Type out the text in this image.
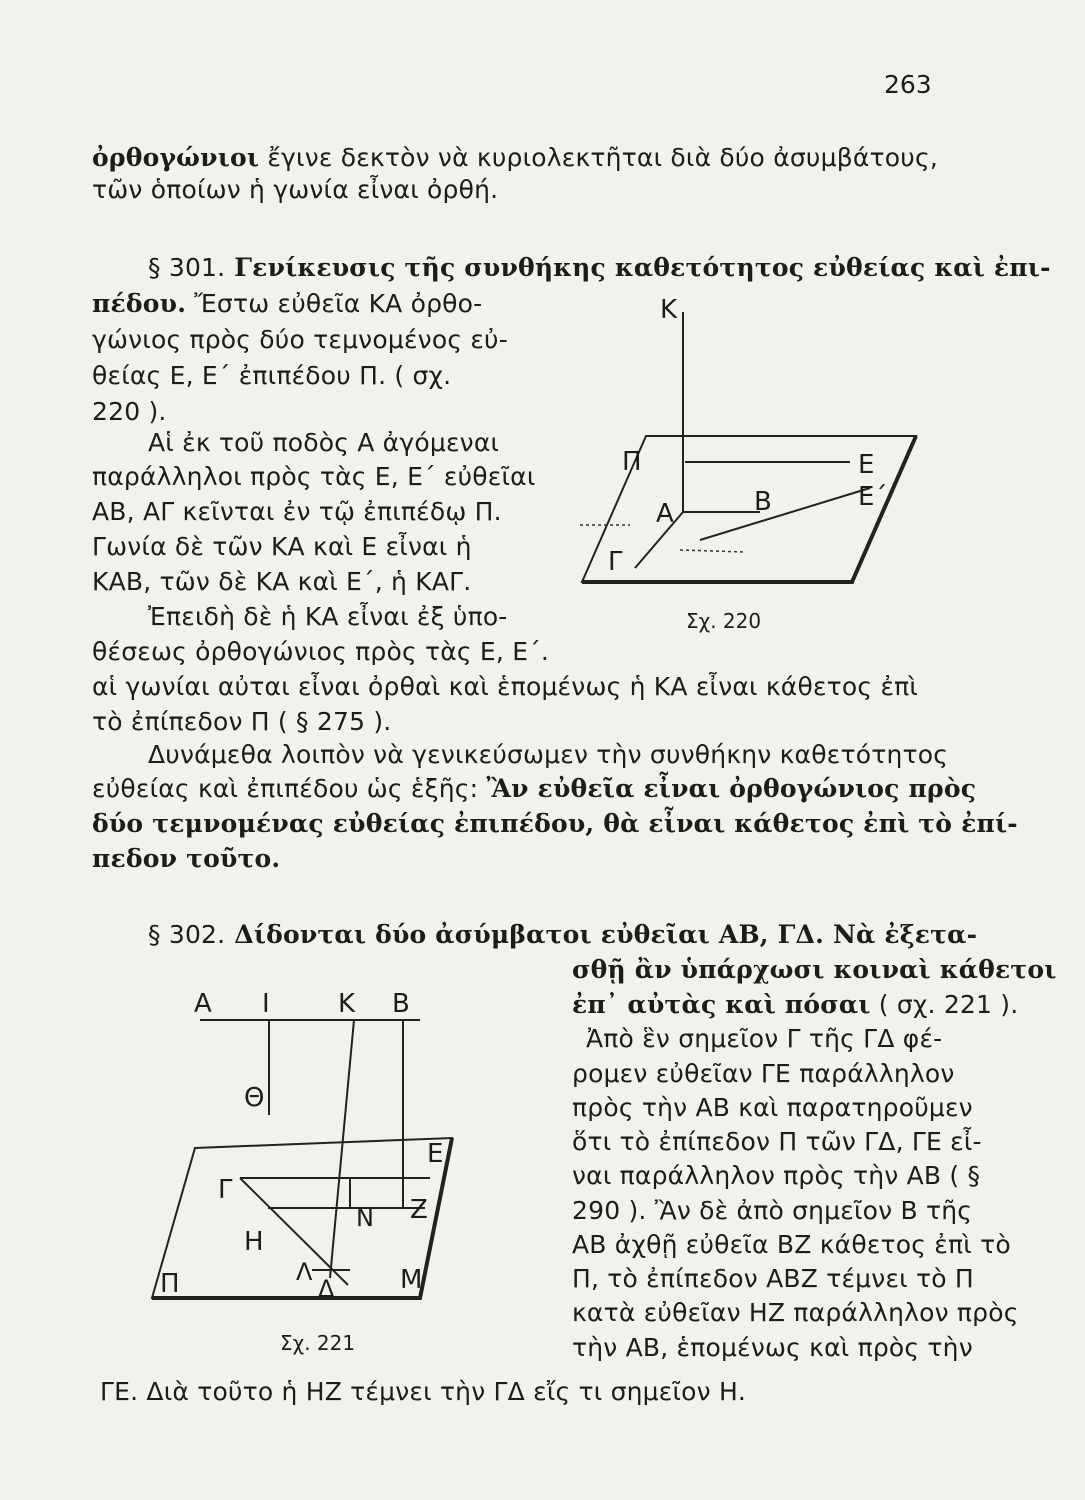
263
ὀρθογώνιοι ἔγινε δεκτὸν νὰ κυριολεκτῆται διὰ δύο ἀσυμβάτους,
τῶν ὁποίων ἡ γωνία εἶναι ὀρθή.
§ 301. Γενίκευσις τῆς συνθήκης καθετότητος εὐθείας καὶ ἐπι-
πέδου. Ἔστω εὐθεῖα ΚΑ ὀρθο-
γώνιος πρὸς δύο τεμνομένος εὐ-
θείας Ε, Ε΄ ἐπιπέδου Π. ( σχ.
220 ).
Αἱ ἐκ τοῦ ποδὸς Α ἀγόμεναι
παράλληλοι πρὸς τὰς Ε, Ε΄ εὐθεῖαι
ΑΒ, ΑΓ κεῖνται ἐν τῷ ἐπιπέδῳ Π.
Γωνία δὲ τῶν ΚΑ καὶ Ε εἶναι ἡ
ΚΑΒ, τῶν δὲ ΚΑ καὶ Ε΄, ἡ ΚΑΓ.
Ἐπειδὴ δὲ ἡ ΚΑ εἶναι ἐξ ὑπο-
θέσεως ὀρθογώνιος πρὸς τὰς Ε, Ε΄.
αἱ γωνίαι αὐται εἶναι ὀρθαὶ καὶ ἑπομένως ἡ ΚΑ εἶναι κάθετος ἐπὶ
τὸ ἐπίπεδον Π ( § 275 ).
Δυνάμεθα λοιπὸν νὰ γενικεύσωμεν τὴν συνθήκην καθετότητος
εὐθείας καὶ ἐπιπέδου ὡς ἑξῆς: Ἂν εὐθεῖα εἶναι ὀρθογώνιος πρὸς
δύο τεμνομένας εὐθείας ἐπιπέδου, θὰ εἶναι κάθετος ἐπὶ τὸ ἐπί-
πεδον τοῦτο.
§ 302. Δίδονται δύο ἀσύμβατοι εὐθεῖαι ΑΒ, ΓΔ. Νὰ ἐξετα-
σθῇ ἂν ὑπάρχωσι κοιναὶ κάθετοι
ἐπ᾽ αὐτὰς καὶ πόσαι ( σχ. 221 ).
Ἀπὸ ἓν σημεῖον Γ τῆς ΓΔ φέ-
ρομεν εὐθεῖαν ΓΕ παράλληλον
πρὸς τὴν ΑΒ καὶ παρατηροῦμεν
ὅτι τὸ ἐπίπεδον Π τῶν ΓΔ, ΓΕ εἶ-
ναι παράλληλον πρὸς τὴν ΑΒ ( §
290 ). Ἂν δὲ ἀπὸ σημεῖον Β τῆς
ΑΒ ἀχθῇ εὐθεῖα ΒΖ κάθετος ἐπὶ τὸ
Π, τὸ ἐπίπεδον ΑΒΖ τέμνει τὸ Π
κατὰ εὐθεῖαν ΗΖ παράλληλον πρὸς
τὴν ΑΒ, ἑπομένως καὶ πρὸς τὴν
ΓΕ. Διὰ τοῦτο ἡ ΗΖ τέμνει τὴν ΓΔ εἴς τι σημεῖον Η.
Κ
Π	Ε
Ε΄
Α	Β
Γ
Σχ. 220
Α Ι	Κ Β
Θ
Γ
Ε
Ν Ζ
Η
Λ
Δ	Μ
Π
Σχ. 221
